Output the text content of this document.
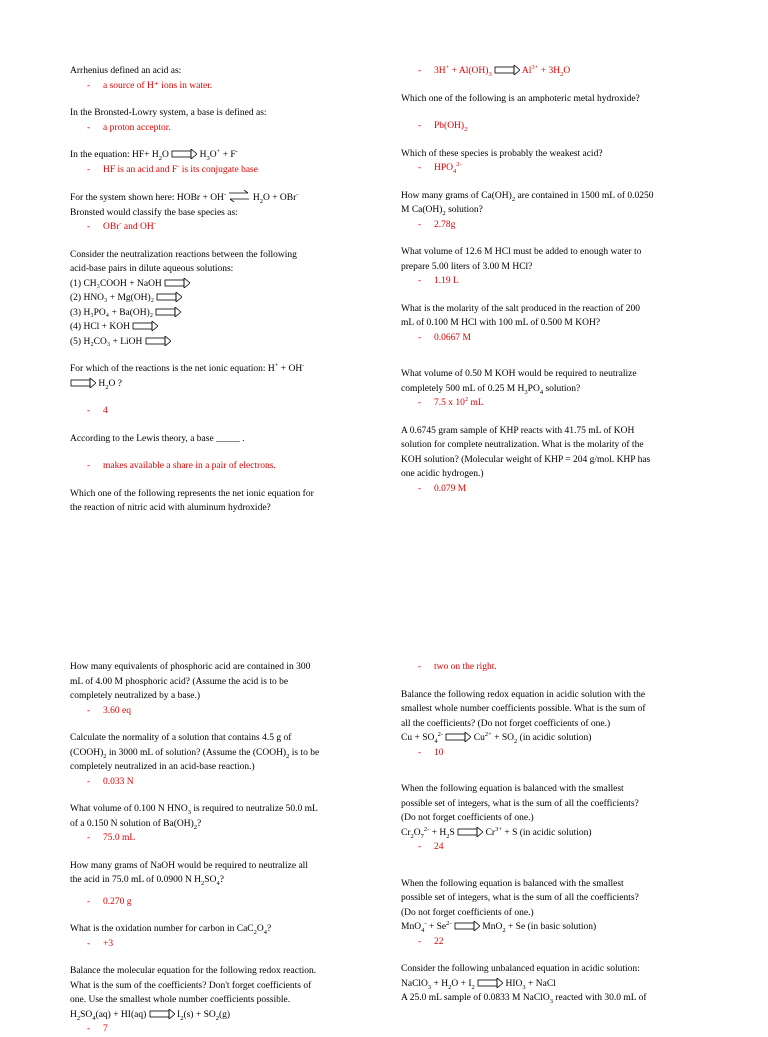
Arrhenius defined an acid as:

- a source of H⁺ ions in water.

In the Bronsted-Lowry system, a base is defined as:

- a proton acceptor.

In the equation: $HF+ H_2O$	$H_3O^+ + F^-$

- HF is an acid and F- is its conjugate base

For the system shown here: HOBr + OH- ⇌ $H_2O + OBr^-$

Bronsted would classify the base species as:

- OBr- and OH-

Consider the neutralization reactions between the following

acid-base pairs in dilute aqueous solutions:

(1) CH₃COOH + NaOH

(2) HNO₃ + Mg(OH)₂

(3) H₃PO₄ + Ba(OH)₂

(4) HCl + KOH

(5) H₂CO₃ + LiOH

For which of the reactions is the net ionic equation: H+ + OH-

$H_2O$ ?

- 4

According to the Lewis theory, a base _____ .

- makes available a share in a pair of electrons.

Which one of the following represents the net ionic equation for

the reaction of nitric acid with aluminum hydroxide?

- $3H^+ + Al(OH)_3$	$Al^{3+} + 3H_2O$

Which one of the following is an amphoteric metal hydroxide?

- $Pb(OH)_2$

Which of these species is probably the weakest acid?

- $HPO_4^{2-}$

How many grams of $Ca(OH)_2$ are contained in 1500 mL of 0.0250

M $Ca(OH)_2$ solution?

- 2.78g

What volume of 12.6 M HCl must be added to enough water to

prepare 5.00 liters of 3.00 M HCl?

- 1.19 L

What is the molarity of the salt produced in the reaction of 200

mL of 0.100 M HCl with 100 mL of 0.500 M KOH?

- 0.0667 M

What volume of 0.50 M KOH would be required to neutralize

completely 500 mL of 0.25 M $H_3PO_4$ solution?

- 7.5 x $10^2$ mL

A 0.6745 gram sample of KHP reacts with 41.75 mL of KOH

solution for complete neutralization. What is the molarity of the

KOH solution? (Molecular weight of KHP = 204 g/mol. KHP has

one acidic hydrogen.)

- 0.079 M

How many equivalents of phosphoric acid are contained in 300

mL of 4.00 M phosphoric acid? (Assume the acid is to be

completely neutralized by a base.)

- 3.60 eq

Calculate the normality of a solution that contains 4.5 g of

$(COOH)_2$ in 3000 mL of solution? (Assume the $(COOH)_2$ is to be

completely neutralized in an acid-base reaction.)

- 0.033 N

What volume of 0.100 N $HNO_3$ is required to neutralize 50.0 mL

of a 0.150 N solution of $Ba(OH)_2$?

- 75.0 mL

How many grams of NaOH would be required to neutralize all

the acid in 75.0 mL of 0.0900 N $H_2SO_4$?

- 0.270 g

What is the oxidation number for carbon in $CaC_2O_4$?

- +3

Balance the molecular equation for the following redox reaction.

What is the sum of the coefficients? Don't forget coefficients of

one. Use the smallest whole number coefficients possible.

$H_2SO_4(aq) + HI(aq)$	$I_2(s) + SO_2(g)$

- 7

- two on the right.

Balance the following redox equation in acidic solution with the

smallest whole number coefficients possible. What is the sum of

all the coefficients? (Do not forget coefficients of one.)

$Cu + SO_4^{2-}$	$Cu^{2+} + SO_2$ (in acidic solution)

- 10

When the following equation is balanced with the smallest

possible set of integers, what is the sum of all the coefficients?

(Do not forget coefficients of one.)

$Cr_2O_7^{2-} + H_2S$	$Cr^{3+} + S$ (in acidic solution)

- 24

When the following equation is balanced with the smallest

possible set of integers, what is the sum of all the coefficients?

(Do not forget coefficients of one.)

$MnO_4^- + Se^{2-}$	MnO$_2$ + Se (in basic solution)

- 22

Consider the following unbalanced equation in acidic solution:

NaClO$_3$ + $H_2O + I_2$	$HIO_3$ + NaCl

A 25.0 mL sample of 0.0833 M NaClO$_3$ reacted with 30.0 mL of
